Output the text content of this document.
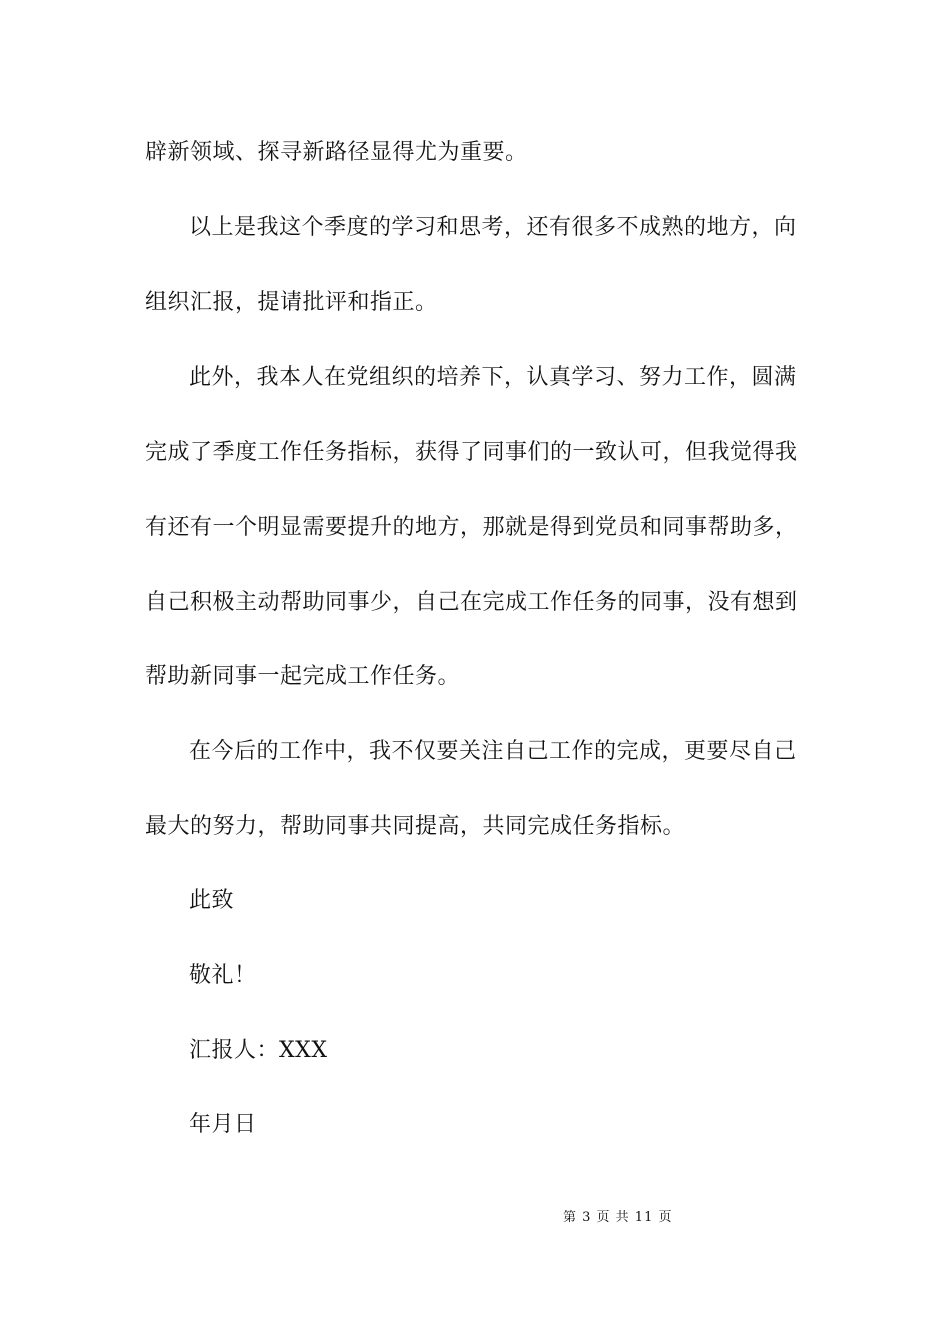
辟新领域、探寻新路径显得尤为重要。
以上是我这个季度的学习和思考，还有很多不成熟的地方，向
组织汇报，提请批评和指正。
此外，我本人在党组织的培养下，认真学习、努力工作，圆满
完成了季度工作任务指标，获得了同事们的一致认可，但我觉得我
有还有一个明显需要提升的地方，那就是得到党员和同事帮助多，
自己积极主动帮助同事少，自己在完成工作任务的同事，没有想到
帮助新同事一起完成工作任务。
在今后的工作中，我不仅要关注自己工作的完成，更要尽自己
最大的努力，帮助同事共同提高，共同完成任务指标。
此致
敬礼！
汇报人：XXX
年月日
第 3 页 共 11 页
